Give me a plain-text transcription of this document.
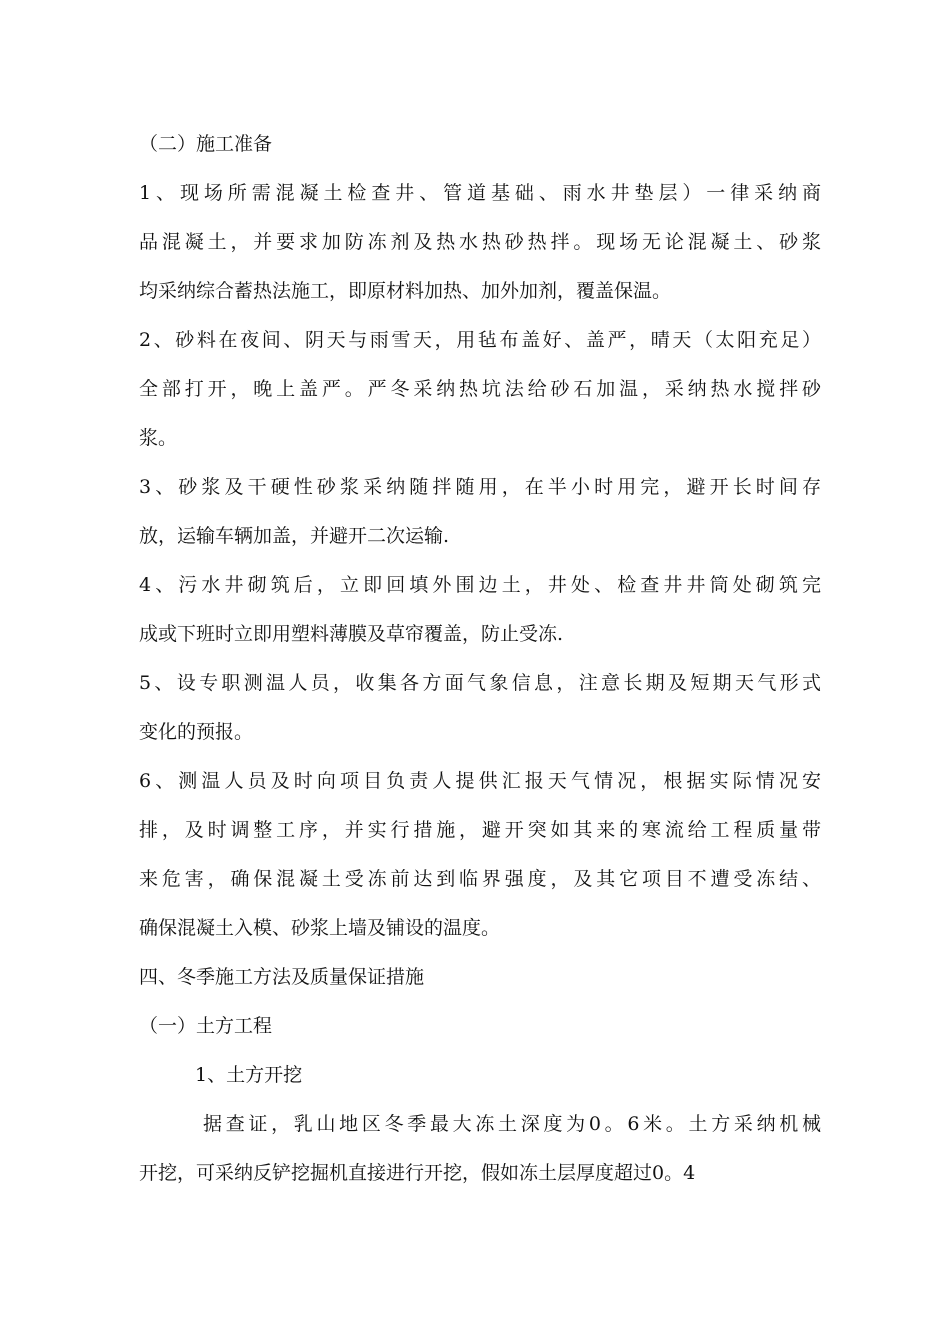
（二）施工准备

1、现场所需混凝土检查井、管道基础、雨水井垫层）一律采纳商

品混凝土，并要求加防冻剂及热水热砂热拌。现场无论混凝土、砂浆

均采纳综合蓄热法施工，即原材料加热、加外加剂，覆盖保温。

2、砂料在夜间、阴天与雨雪天，用毡布盖好、盖严，晴天（太阳充足）

全部打开，晚上盖严。严冬采纳热坑法给砂石加温，采纳热水搅拌砂

浆。

3、砂浆及干硬性砂浆采纳随拌随用，在半小时用完，避开长时间存

放，运输车辆加盖，并避开二次运输.

4、污水井砌筑后，立即回填外围边土，井处、检查井井筒处砌筑完

成或下班时立即用塑料薄膜及草帘覆盖，防止受冻.

5、设专职测温人员，收集各方面气象信息，注意长期及短期天气形式

变化的预报。

6、测温人员及时向项目负责人提供汇报天气情况，根据实际情况安

排，及时调整工序，并实行措施，避开突如其来的寒流给工程质量带

来危害，确保混凝土受冻前达到临界强度，及其它项目不遭受冻结、

确保混凝土入模、砂浆上墙及铺设的温度。

四、冬季施工方法及质量保证措施

（一）土方工程

1、土方开挖

据查证，乳山地区冬季最大冻土深度为0。6米。土方采纳机械

开挖，可采纳反铲挖掘机直接进行开挖，假如冻土层厚度超过0。4
